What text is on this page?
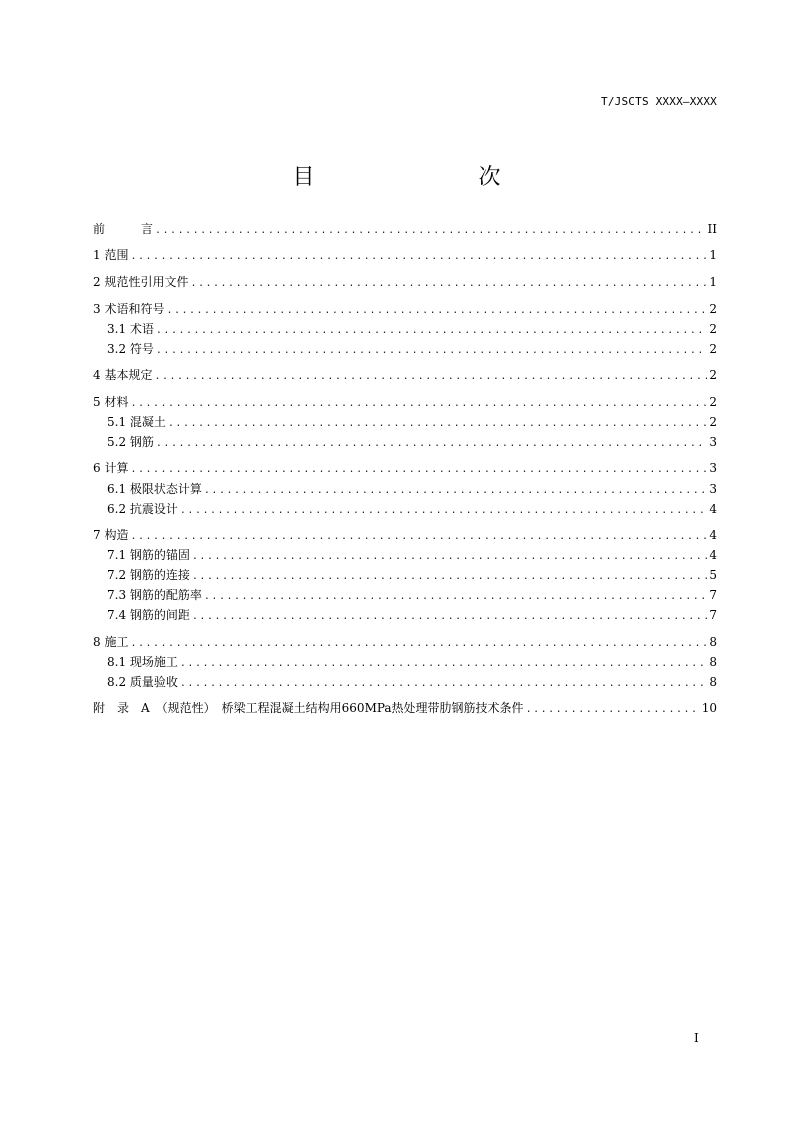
T/JSCTS XXXX—XXXX
目　　次
前　　　言 .....	II
1 范围 .....	1
2 规范性引用文件 .....	1
3 术语和符号 .....	2
3.1 术语 .....	2
3.2 符号 .....	2
4 基本规定 .....	2
5 材料 .....	2
5.1 混凝土 .....	2
5.2 钢筋 .....	3
6 计算 .....	3
6.1 极限状态计算 .....	3
6.2 抗震设计 .....	4
7 构造 .....	4
7.1 钢筋的锚固 .....	4
7.2 钢筋的连接 .....	5
7.3 钢筋的配筋率 .....	7
7.4 钢筋的间距 .....	7
8 施工 .....	8
8.1 现场施工 .....	8
8.2 质量验收 .....	8
附　录　A　（规范性）　桥梁工程混凝土结构用660MPa热处理带肋钢筋技术条件 .....	10
I
